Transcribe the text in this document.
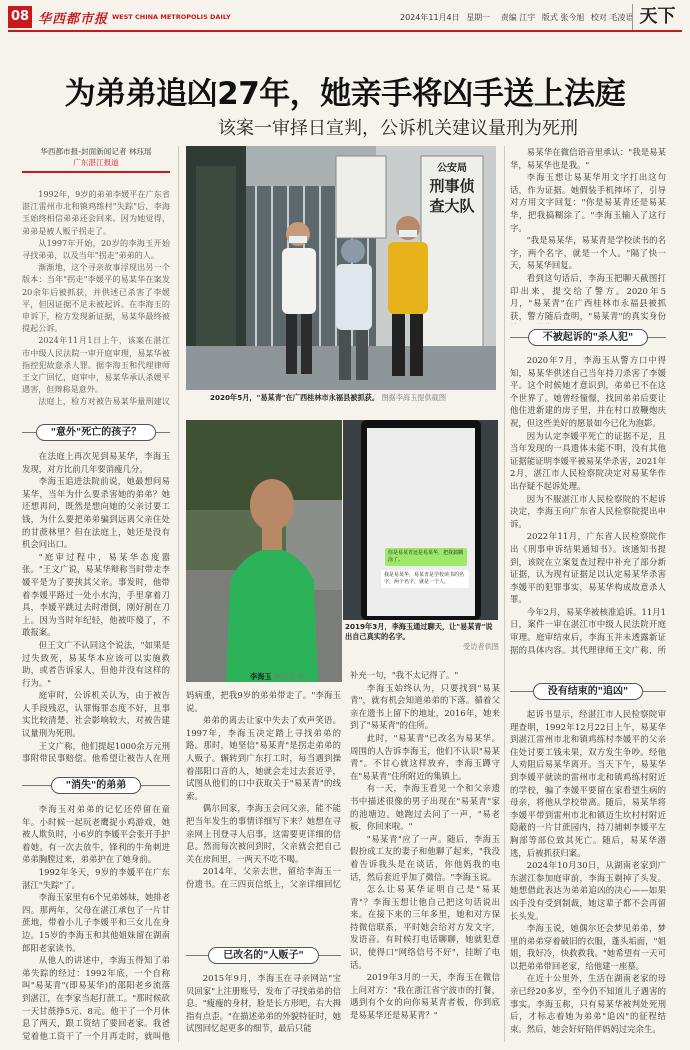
08 华西都市报 WEST CHINA METROPOLIS DAILY	2024年11月4日 星期一 责编 江宇 版式 张今旭 校对 毛凌语 天下
为弟弟追凶27年，她亲手将凶手送上法庭
该案一审择日宣判，公诉机关建议量刑为死刑
华西都市报-封面新闻记者 林珏瑶
广东湛江报道

1992年，9岁的弟弟李媛平在广东省湛江雷州市北和镇鸡练村"失踪"后，李海玉始终相信弟弟还会回来。因为她觉得，弟弟是被人贩子拐走了。

从1997年开始，20岁的李海玉开始寻找弟弟，以及当年"拐走"弟弟的人。

渐渐地，这个寻亲故事浮现出另一个版本：当年"拐走"李媛平的易某华在案发20余年后被抓获，并供述已杀害了李媛平，但因证据不足未被起诉。在李海玉的申诉下，检方发现新证据，易某华最终被提起公诉。

2024年11月1日上午，该案在湛江市中级人民法院一审开庭审理，易某华被指控犯故意杀人罪。据李海玉和代理律师王文广回忆，庭审中，易某华承认杀媛平遇害，但辩称是意外。

法庭上，检方对被告易某华量刑建议

"意外"死亡的孩子？

在法庭上再次见到易某华，李海玉发现，对方比前几年要消瘦几分。

李海玉追进法院前说，她最想问易某华，当年为什么要杀害她的弟弟？她还想再问，既然是想向她的父亲讨要工钱，为什么要把弟弟骗到远离父亲住处的甘蔗林里？但在法庭上，她还是没有机会问出口。

"庭审过程中，易某华态度嚣张。"王文广说，易某华辩称当时带走李媛平是为了要挟其父亲。事发时，他带着李媛平路过一处小水沟，手里拿着刀具，李媛平跳过去时滑倒，刚好割在刀上。因为当时年纪轻，他被吓傻了，不敢报案。

但王文广不认同这个说法，"如果是过失致死，易某华本应该可以实施救助，或者告诉家人，但他并没有这样的行为。"

庭审时，公诉机关认为，由于被告人手段残忍，认罪悔罪态度不好，且事实比较清楚，社会影响较大，对被告建议量刑为死刑。

王文广称，他们提起1000余万元刑事附带民事赔偿。他希望让被告人在刑

"消失"的弟弟

李海玉对弟弟的记忆还停留在童年。小时候一起玩老鹰捉小鸡游戏，她被人欺负时，小6岁的李媛平会张开手护着她。有一次去放牛，锋利的牛角刺进弟弟胸膛过来，弟弟护在了她身前。

1992年冬天，9岁的李媛平在广东湛江"失踪"了。

李海玉家里有6个兄弟姊妹，她排老四。那两年，父母在湛江承包了一片甘蔗地，带着小儿子李媛平和三女儿在身边。15岁的李海玉和其他姐妹留在湖南郎阳老家读书。

从他人的讲述中，李海玉得知了弟弟失踪的经过：1992年底，一个自称叫"易某青"(即易某华)的邵阳老乡流落到湛江，在李家当起打蔗工。"那时候砍一天甘蔗挣5元、8元。他干了一个月休息了两天，跟工资结了要回老家。我爸觉着他工资干了一个月再走时，就叫他

公安局
刑事侦查大队
2020年5月，"易某青"在广西桂林市永福县被抓获。 图据李海玉提供截图
李海玉 林珏瑶 摄
你是易某青还是易某华，把我搞糊涂了。
我是易某华，易某青是学校读书的名字，两个名字，就是一个人。
2019年3月，李海玉通过聊天，让"易某青"说出自己真实的名字。
受访者供图

妈病重，把我9岁的弟弟带走了。"李海玉说。

弟弟的离去让家中失去了欢声笑语。1997年，李海玉决定踏上寻找弟弟的路。那时，她坚信"易某青"是拐走弟弟的人贩子。辗转到广东打工时，每当遇到操着邵阳口音的人，她就会走过去套近乎，试图从他们的口中获取关于"易某青"的线索。

偶尔回家，李海玉会问父亲，能不能把当年发生的事情详细写下来？她想在寻亲网上刊登寻人启事，这需要更详细的信息。然而每次被问到时，父亲就会把自己关在房间里，一两天不吃不喝。

2014年，父亲去世，留给李海玉一份遗书。在三四页信纸上，父亲详细回忆

已改名的"人贩子"

2015年9月，李海玉在寻亲网站"宝贝回家"上注册账号，发布了寻找弟弟的信息。"瘦瘦的身材，脸是长方形吧，右大拇指有点歪。"在描述弟弟的外貌特征时，她试图回忆起更多的细节，最后只能

补充一句，"我不太记得了。"

李海玉始终认为，只要找到"易某青"，就有机会知道弟弟的下落。循着父亲在遗书上留下的地址，2016年，她来到了"易某青"的住所。

此时，"易某青"已改名为易某华。周围的人告诉李海玉，他们不认识"易某青"。不甘心就这样放弃，李海玉蹲守在"易某青"住所附近的集镇上。

有一天，李海玉看见一个和父亲遗书中描述很像的男子出现在"易某青"家的池塘边。她跑过去问了一声，"易老板，你回来啦。"

"易某青"应了一声。随后，李海玉假扮成工友的妻子和他聊了起来，"我没着告诉我头是在谈话，你他妈我的电话，然后套近乎加了微信。"李海玉说。

怎么让易某华证明自己是"易某青"？李海玉想让他自己把这句话说出来。在接下来的三年多里，她和对方保持微信联系，平时她会给对方发文字，发语音。有时候打电话聊聊，她就犯意识，使得口"网络信号不好"，挂断了电话。

2019年3月的一天，李海玉在微信上问对方："我在浙江省宁波市的打餐，遇到有个女的向你易某青者板，你到底是易某华还是易某青？"

易某华在微信语音里承认："我是易某华，易某华也是我。"

李海玉想让易某华用文字打出这句话，作为证据。她假装手机摔坏了，引导对方用文字回复："你是易某青还是易某华，把我搞糊涂了。"李海玉输入了这行字。

"我是易某华，易某青是学校读书的名字，两个名字，就是一个人。"隔了快一天，易某华回复。

看到这句话后，李海玉把聊天截图打印出来，提交给了警方。2020年5月，"易某青"在广西桂林市永福县被抓获，警方随后查明，"易某青"的真实身份

不被起诉的"杀人犯"

2020年7月，李海玉从警方口中得知，易某华供述自己当年持刀杀害了李媛平。这个时候她才意识到，弟弟已不在这个世界了。她曾经憧憬，找回弟弟后要让他住进新建的房子里，并在村口放鞭炮庆祝，但这些美好的愿景如今已化为泡影。

因为认定李媛平死亡的证据不足，且当年发现的一具遗体未能不明，没有其他证据能证明李媛平被易某华杀害，2021年2月，湛江市人民检察院决定对易某华作出存疑不起诉处理。

因为不服湛江市人民检察院的不起诉决定，李海玉向广东省人民检察院提出申诉。

2022年11月，广东省人民检察院作出《刑事申诉结果通知书》。该通知书提到，该院在立案复查过程中补充了部分新证据，认为现有证据足以认定易某华杀害李媛平的犯罪事实，易某华构成故意杀人罪。

今年2月，易某华被核准追诉。11月1日，案件一审在湛江市中级人民法院开庭审理。庭审结束后，李海玉并未透露新证据的具体内容。其代理律师王文广称，所

没有结束的"追凶"

起诉书显示，经湛江市人民检察院审理查明，1992年12月22日上午，易某华到湛江雷州市北和镇鸡练村李媛平的父亲住处讨要工钱未果，双方发生争吵。经他人劝阻后易某华离开。当天下午，易某华到李媛平就读的雷州市北和镇鸡练村附近的学校，骗了李媛平要留在家看望生病的母亲，将他从学校带离。随后，易某华将李媛平带到雷州市北和镇迈生坎村村附近隐蔽的一片甘蔗园内，持刀捕刺李媛平左胸部等部位致其死亡。随后，易某华潜逃，后被抓获归案。

2024年10月30日，从湖南老家到广东湛江参加庭审前，李海玉剃掉了头发。她想借此表达为弟弟追凶的决心——如果凶手没有受到制裁，她这辈子都不会再留长头发。

李海玉说，她偶尔还会梦见弟弟，梦里的弟弟穿着破旧的衣服，蓬头垢面，"姐姐，我好冷，快救救我。"她希望有一天可以把弟弟带回老家，给他建一座墓。

在近十公里外，生活在湖南老家的母亲已经20多岁，至今仍不知道儿子遇害的事实。李海玉称，只有易某华被判处死刑后，才标志着她为弟弟"追凶"的征程结束。然后，她会好好陪伴妈妈过完余生。
